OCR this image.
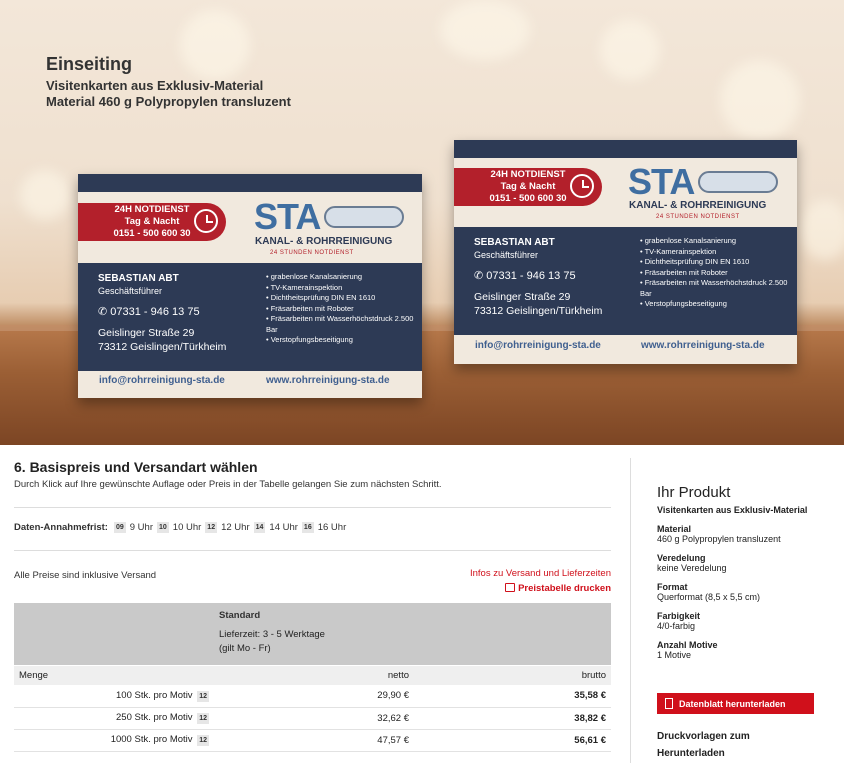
Einseiting
Visitenkarten aus Exklusiv-Material
Material 460 g Polypropylen transluzent
24H NOTDIENST
Tag & Nacht
0151 - 500 600 30	STA
KANAL- & ROHRREINIGUNG
24 STUNDEN NOTDIENST
SEBASTIAN ABT
Geschäftsführer
✆ 07331 - 946 13 75
Geislinger Straße 29
73312 Geislingen/Türkheim
• grabenlose Kanalsanierung
• TV-Kamerainspektion
• Dichtheitsprüfung DIN EN 1610
• Fräsarbeiten mit Roboter
• Fräsarbeiten mit Wasserhöchstdruck 2.500 Bar
• Verstopfungsbeseitigung
info@rohrreinigung-sta.de	www.rohrreinigung-sta.de
24H NOTDIENST
Tag & Nacht
0151 - 500 600 30	STA
KANAL- & ROHRREINIGUNG
24 STUNDEN NOTDIENST
SEBASTIAN ABT
Geschäftsführer
✆ 07331 - 946 13 75
Geislinger Straße 29
73312 Geislingen/Türkheim
• grabenlose Kanalsanierung
• TV-Kamerainspektion
• Dichtheitsprüfung DIN EN 1610
• Fräsarbeiten mit Roboter
• Fräsarbeiten mit Wasserhöchstdruck 2.500 Bar
• Verstopfungsbeseitigung
info@rohrreinigung-sta.de	www.rohrreinigung-sta.de
6. Basispreis und Versandart wählen
Durch Klick auf Ihre gewünschte Auflage oder Preis in der Tabelle gelangen Sie zum nächsten Schritt.
Daten-Annahmefrist: 09 9 Uhr 10 10 Uhr 12 12 Uhr 14 14 Uhr 16 16 Uhr
Alle Preise sind inklusive Versand	Infos zu Versand und Lieferzeiten
Preistabelle drucken

	Standard
Lieferzeit: 3 - 5 Werktage
(gilt Mo - Fr)	

Menge	netto	brutto
100 Stk. pro Motiv 12	29,90 €	35,58 €
250 Stk. pro Motiv 12	32,62 €	38,82 €
1000 Stk. pro Motiv 12	47,57 €	56,61 €
Ihr Produkt
Visitenkarten aus Exklusiv-Material
Material
460 g Polypropylen transluzent
Veredelung
keine Veredelung
Format
Querformat (8,5 x 5,5 cm)
Farbigkeit
4/0-farbig
Anzahl Motive
1 Motive
Datenblatt herunterladen
Druckvorlagen zum
Herunterladen
